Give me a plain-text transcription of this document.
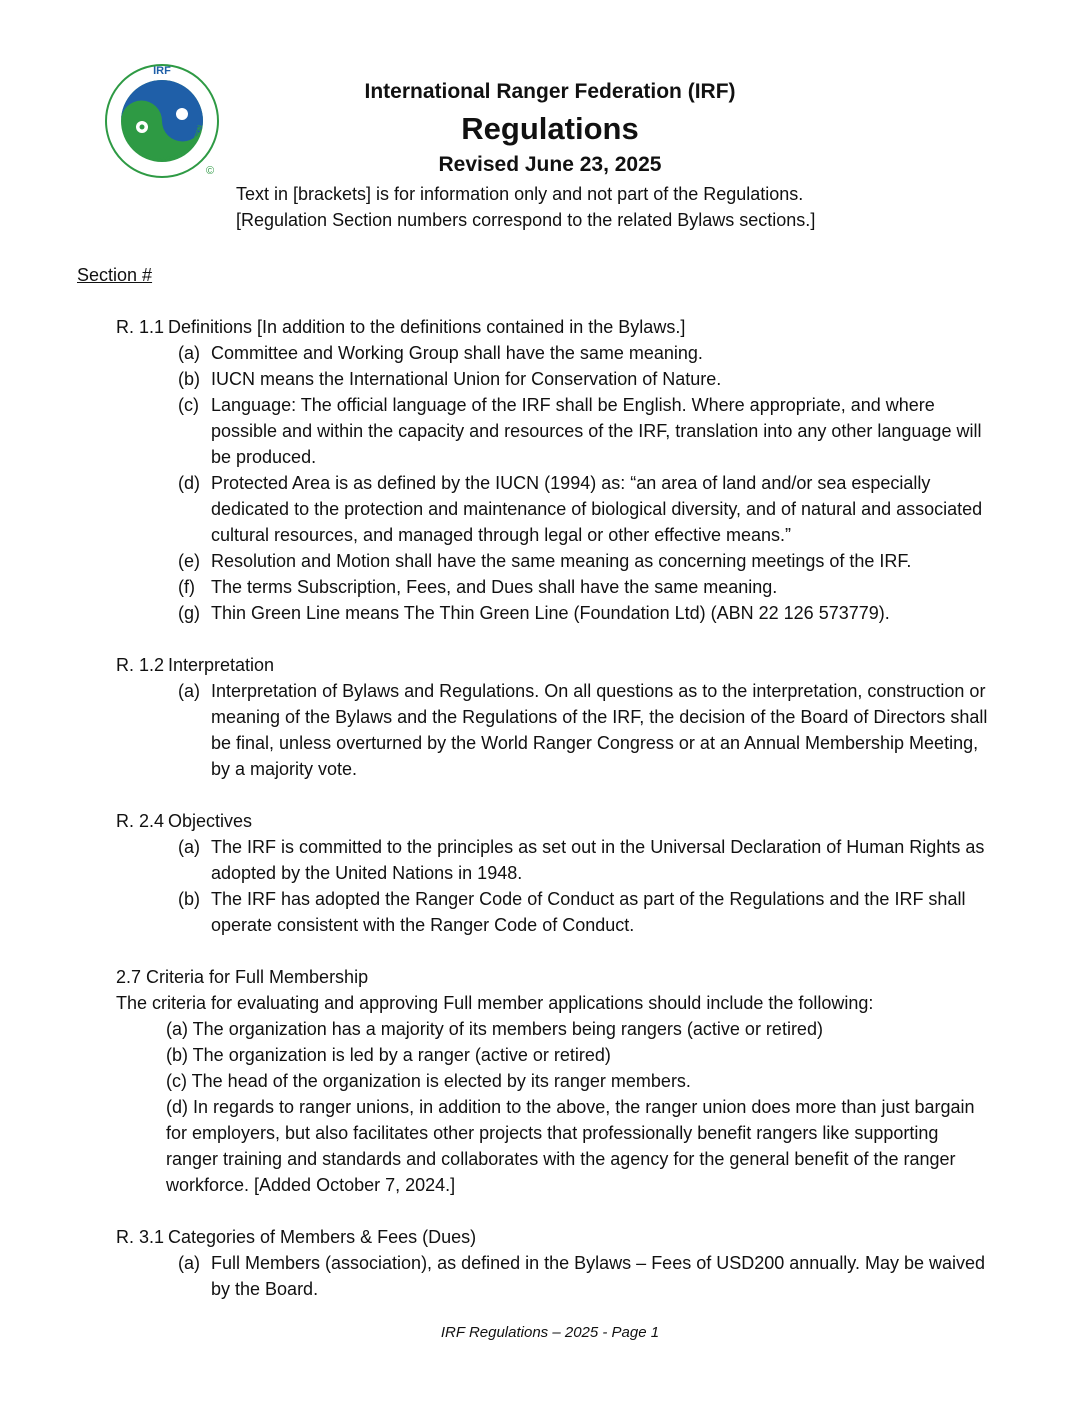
IRF
INTERNATIONAL RANGER FEDERATION
©
International Ranger Federation (IRF)
Regulations
Revised June 23, 2025
Text in [brackets] is for information only and not part of the Regulations.
[Regulation Section numbers correspond to the related Bylaws sections.]
Section #
R. 1.1 Definitions [In addition to the definitions contained in the Bylaws.]
(a) Committee and Working Group shall have the same meaning.
(b) IUCN means the International Union for Conservation of Nature.
(c) Language: The official language of the IRF shall be English. Where appropriate, and where possible and within the capacity and resources of the IRF, translation into any other language will be produced.
(d) Protected Area is as defined by the IUCN (1994) as: “an area of land and/or sea especially dedicated to the protection and maintenance of biological diversity, and of natural and associated cultural resources, and managed through legal or other effective means.”
(e) Resolution and Motion shall have the same meaning as concerning meetings of the IRF.
(f) The terms Subscription, Fees, and Dues shall have the same meaning.
(g) Thin Green Line means The Thin Green Line (Foundation Ltd) (ABN 22 126 573779).
R. 1.2 Interpretation
(a) Interpretation of Bylaws and Regulations. On all questions as to the interpretation, construction or meaning of the Bylaws and the Regulations of the IRF, the decision of the Board of Directors shall be final, unless overturned by the World Ranger Congress or at an Annual Membership Meeting, by a majority vote.
R. 2.4 Objectives
(a) The IRF is committed to the principles as set out in the Universal Declaration of Human Rights as adopted by the United Nations in 1948.
(b) The IRF has adopted the Ranger Code of Conduct as part of the Regulations and the IRF shall operate consistent with the Ranger Code of Conduct.
2.7 Criteria for Full Membership
The criteria for evaluating and approving Full member applications should include the following:
(a) The organization has a majority of its members being rangers (active or retired)
(b) The organization is led by a ranger (active or retired)
(c) The head of the organization is elected by its ranger members.
(d) In regards to ranger unions, in addition to the above, the ranger union does more than just bargain for employers, but also facilitates other projects that professionally benefit rangers like supporting ranger training and standards and collaborates with the agency for the general benefit of the ranger workforce. [Added October 7, 2024.]
R. 3.1 Categories of Members & Fees (Dues)
(a) Full Members (association), as defined in the Bylaws – Fees of USD200 annually. May be waived by the Board.
IRF Regulations – 2025 - Page 1
